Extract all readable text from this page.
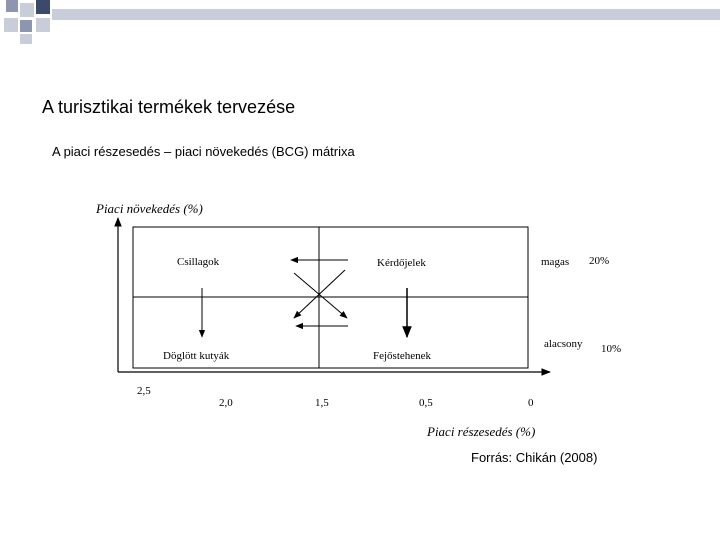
A turisztikai termékek tervezése
A piaci részesedés – piaci növekedés (BCG) mátrixa
Piaci növekedés (%)
Piaci részesedés (%)
Csillagok	Kérdőjelek
Döglött kutyák	Fejőstehenek
magas 20%
alacsony 10%
2,5
2,0	1,5	0,5	0
Forrás: Chikán (2008)
